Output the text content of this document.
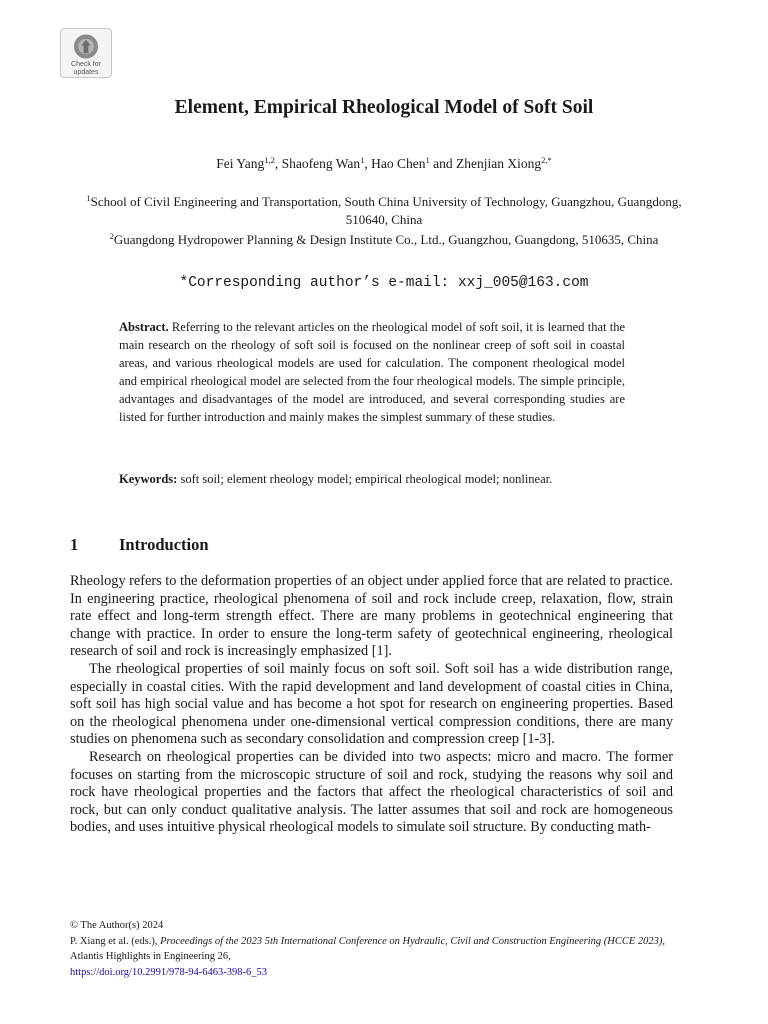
Check for
updates
Element, Empirical Rheological Model of Soft Soil
Fei Yang$^{1,2}$, Shaofeng Wan$^1$, Hao Chen$^1$ and Zhenjian Xiong$^{2,*}$
$^1$School of Civil Engineering and Transportation, South China University of Technology, Guangzhou, Guangdong, 510640, China
$^2$Guangdong Hydropower Planning & Design Institute Co., Ltd., Guangzhou, Guangdong, 510635, China
*Corresponding author’s e-mail: xxj_005@163.com
Abstract. Referring to the relevant articles on the rheological model of soft soil, it is learned that the main research on the rheology of soft soil is focused on the nonlinear creep of soft soil in coastal areas, and various rheological models are used for calculation. The component rheological model and empirical rheological model are selected from the four rheological models. The simple principle, advantages and disadvantages of the model are introduced, and several corresponding studies are listed for further introduction and mainly makes the simplest summary of these studies.
Keywords: soft soil; element rheology model; empirical rheological model; nonlinear.
1 Introduction

Rheology refers to the deformation properties of an object under applied force that are related to practice. In engineering practice, rheological phenomena of soil and rock include creep, relaxation, flow, strain rate effect and long-term strength effect. There are many problems in geotechnical engineering that change with practice. In order to ensure the long-term safety of geotechnical engineering, rheological research of soil and rock is increasingly emphasized [1].

The rheological properties of soil mainly focus on soft soil. Soft soil has a wide distribution range, especially in coastal cities. With the rapid development and land development of coastal cities in China, soft soil has high social value and has become a hot spot for research on engineering properties. Based on the rheological phenomena under one-dimensional vertical compression conditions, there are many studies on phenomena such as secondary consolidation and compression creep [1-3].

Research on rheological properties can be divided into two aspects: micro and macro. The former focuses on starting from the microscopic structure of soil and rock, studying the reasons why soil and rock have rheological properties and the factors that affect the rheological characteristics of soil and rock, but can only conduct qualitative analysis. The latter assumes that soil and rock are homogeneous bodies, and uses intuitive physical rheological models to simulate soil structure. By conducting math-

© The Author(s) 2024
P. Xiang et al. (eds.), Proceedings of the 2023 5th International Conference on Hydraulic, Civil and Construction Engineering (HCCE 2023), Atlantis Highlights in Engineering 26,
https://doi.org/10.2991/978-94-6463-398-6_53
